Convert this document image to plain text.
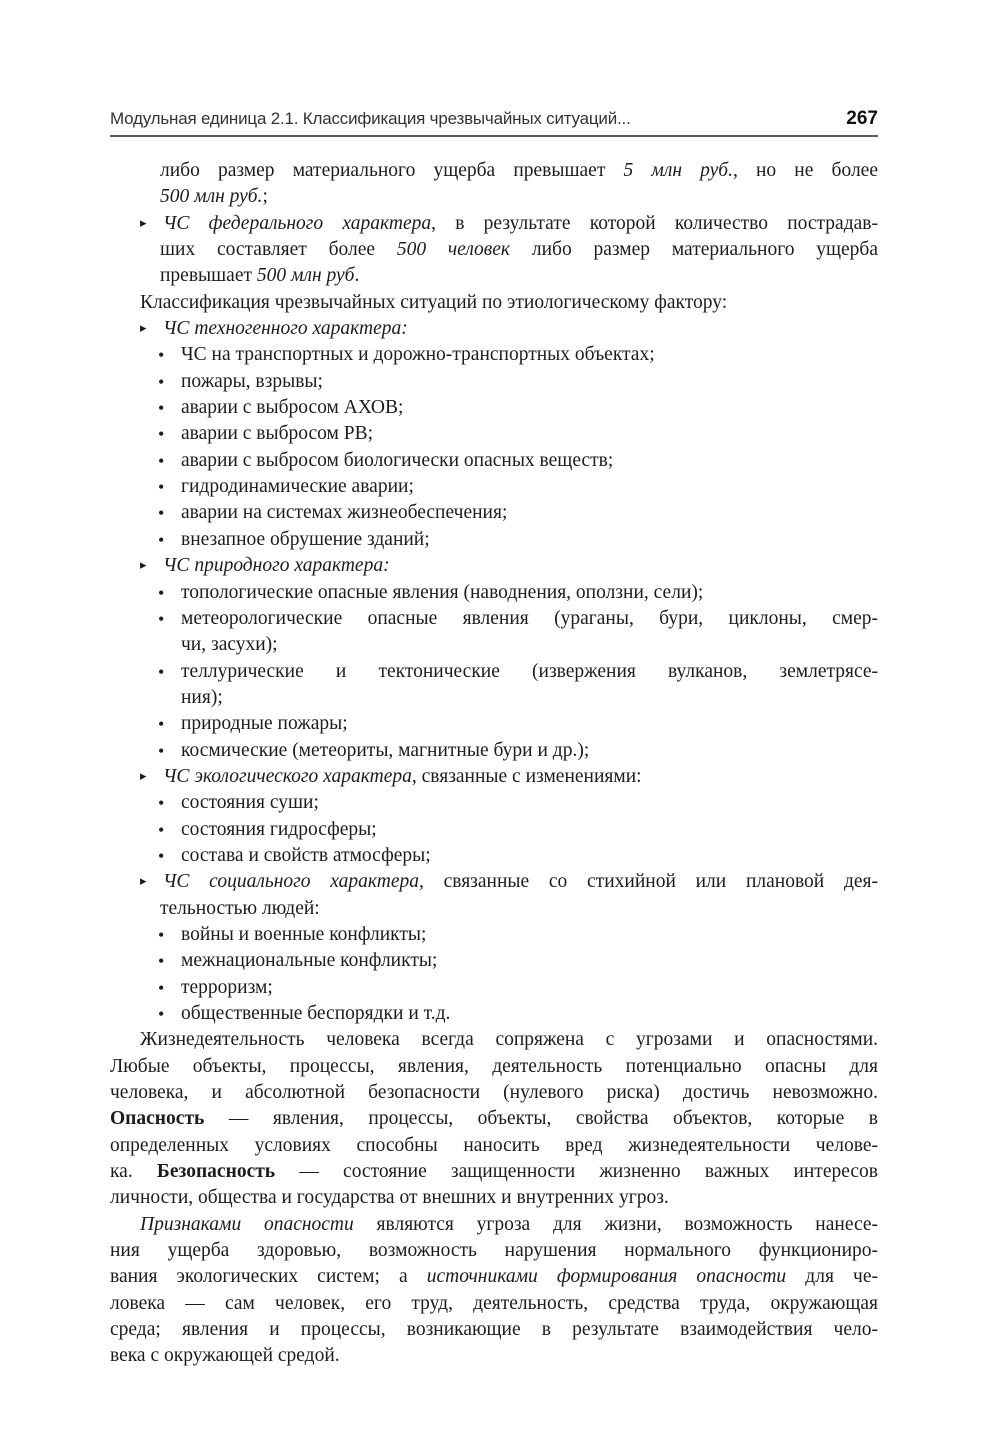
Модульная единица 2.1. Классификация чрезвычайных ситуаций...	267
либо размер материального ущерба превышает 5 млн руб., но не более
500 млн руб.;
▸ ЧС федерального характера, в результате которой количество пострадав-
ших составляет более 500 человек либо размер материального ущерба
превышает 500 млн руб.
Классификация чрезвычайных ситуаций по этиологическому фактору:
▸ ЧС техногенного характера:
• ЧС на транспортных и дорожно-транспортных объектах;
• пожары, взрывы;
• аварии с выбросом АХОВ;
• аварии с выбросом РВ;
• аварии с выбросом биологически опасных веществ;
• гидродинамические аварии;
• аварии на системах жизнеобеспечения;
• внезапное обрушение зданий;
▸ ЧС природного характера:
• топологические опасные явления (наводнения, оползни, сели);
• метеорологические опасные явления (ураганы, бури, циклоны, смер-
чи, засухи);
• теллурические и тектонические (извержения вулканов, землетрясе-
ния);
• природные пожары;
• космические (метеориты, магнитные бури и др.);
▸ ЧС экологического характера, связанные с изменениями:
• состояния суши;
• состояния гидросферы;
• состава и свойств атмосферы;
▸ ЧС социального характера, связанные со стихийной или плановой дея-
тельностью людей:
• войны и военные конфликты;
• межнациональные конфликты;
• терроризм;
• общественные беспорядки и т.д.
Жизнедеятельность человека всегда сопряжена с угрозами и опасностями.
Любые объекты, процессы, явления, деятельность потенциально опасны для
человека, и абсолютной безопасности (нулевого риска) достичь невозможно.
Опасность — явления, процессы, объекты, свойства объектов, которые в
определенных условиях способны наносить вред жизнедеятельности челове-
ка. Безопасность — состояние защищенности жизненно важных интересов
личности, общества и государства от внешних и внутренних угроз.
Признаками опасности являются угроза для жизни, возможность нанесе-
ния ущерба здоровью, возможность нарушения нормального функциониро-
вания экологических систем; а источниками формирования опасности для че-
ловека — сам человек, его труд, деятельность, средства труда, окружающая
среда; явления и процессы, возникающие в результате взаимодействия чело-
века с окружающей средой.
